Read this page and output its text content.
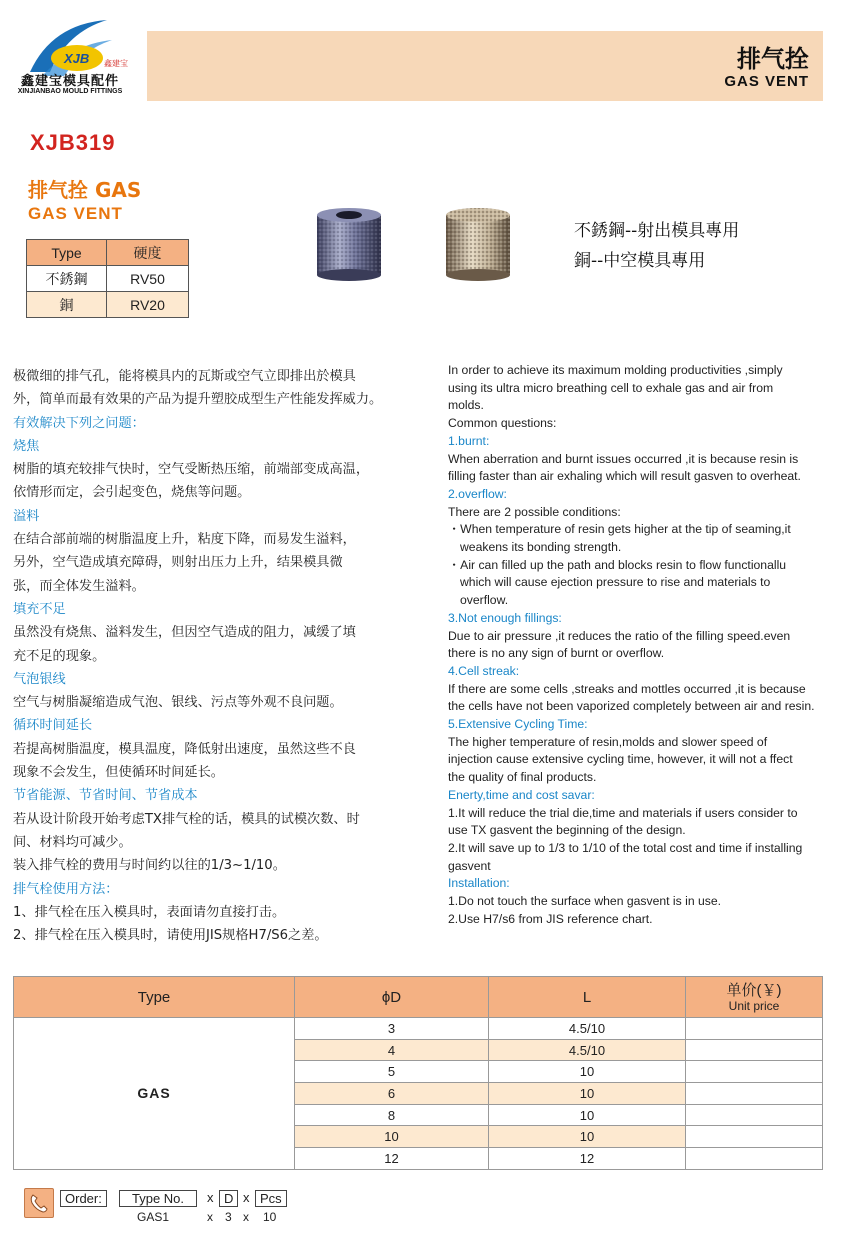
XJB 鑫建宝
鑫建宝模具配件
XINJIANBAO MOULD FITTINGS
排气拴
GAS VENT
XJB319
排气拴 GAS
GAS VENT
Type	硬度
不銹鋼	RV50
銅	RV20

不銹鋼--射出模具專用

銅--中空模具專用

极微细的排气孔，能将模具内的瓦斯或空气立即排出於模具

外，简单而最有效果的产品为提升塑胶成型生产性能发挥威力。

有效解决下列之问题：

烧焦

树脂的填充较排气快时，空气受断热压缩，前端部变成高温，

依情形而定，会引起变色，烧焦等问题。

溢料

在结合部前端的树脂温度上升，粘度下降，而易发生溢料，

另外，空气造成填充障碍，则射出压力上升，结果模具微

张，而全体发生溢料。

填充不足

虽然没有烧焦、溢料发生，但因空气造成的阻力，减缓了填

充不足的现象。

气泡银线

空气与树脂凝缩造成气泡、银线、污点等外观不良问题。

循环时间延长

若提高树脂温度，模具温度，降低射出速度，虽然这些不良

现象不会发生，但使循环时间延长。

节省能源、节省时间、节省成本

若从设计阶段开始考虑TX排气栓的话，模具的试模次数、时

间、材料均可减少。

装入排气栓的费用与时间约以往的1/3~1/10。

排气栓使用方法：

1、排气栓在压入模具时，表面请勿直接打击。

2、排气栓在压入模具时，请使用JIS规格H7/S6之差。

In order to achieve its maximum molding productivities ,simply

using its ultra micro breathing cell to exhale gas and air from

molds.

Common questions:

1.burnt:

When aberration and burnt issues occurred ,it is because resin is

filling faster than air exhaling which will result gasven to overheat.

2.overflow:

There are 2 possible conditions:

・When temperature of resin gets higher at the tip of seaming,it

weakens its bonding strength.

・Air can filled up the path and blocks resin to flow functionallu

which will cause ejection pressure to rise and materials to

overflow.

3.Not enough fillings:

Due to air pressure ,it reduces the ratio of the filling speed.even

there is no any sign of burnt or overflow.

4.Cell streak:

If there are some cells ,streaks and mottles occurred ,it is because

the cells have not been vaporized completely between air and resin.

5.Extensive Cycling Time:

The higher temperature of resin,molds and slower speed of

injection cause extensive cycling time, however, it will not a ffect

the quality of final products.

Enerty,time and cost savar:

1.It will reduce the trial die,time and materials if users consider to

use TX gasvent the beginning of the design.

2.It will save up to 1/3 to 1/10 of the total cost and time if installing

gasvent

Installation:

1.Do not touch the surface when gasvent is in use.

2.Use H7/s6 from JIS reference chart.

Type	ϕD	L	单价(￥)
Unit price

GAS	3	4.5/10	
	4	4.5/10	
	5	10	
	6	10	
	8	10	
	10	10	
	12	12	
Order:	Type No.	x D x Pcs
GAS1	x 3 x 10
